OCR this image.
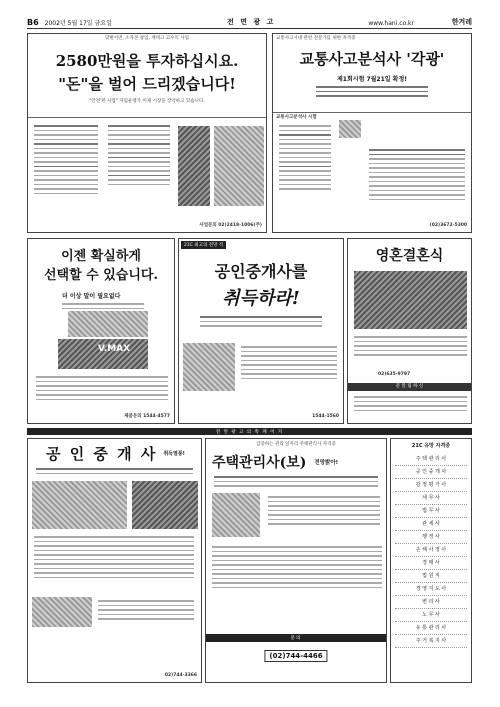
B6 2002년 5월 17일 금요일	전 면 광 고	www.hani.co.kr	한겨레
맞벌이면, 소자본 창업, 재테크 고수익 사업
2580만원을 투자하십시요.
"돈"을 벌어 드리겠습니다!
"안전'한 사업" 자립운영가 이제 시장을 장악하고 있습니다.
사업문의 02)2418-1006(주)
교통사고시대 관련 전문가를 위한 자격증
교통사고분석사 '각광'
제1회시험 7월21일 확정!
교통사고분석사 시험
(02)3672-5300
이젠 확실하게
선택할 수 있습니다.
더 이상 말이 필요없다
V.MAX
제품문의 1544-4577
21C 최고의 전망 직
공인중개사를
취득하라!
1544-1560
영혼결혼식
02)635-9797
문 알 림 하 신
전 면 광 고 의 쪽 페 이 지
공 인 중 개 사 취득열풍!
02)744-3366
급증하는 관리 일자리 주택관리사 자격증
주택관리사(보) 전망밝아!
문의
(02)744-4466
21C 유망 자격증
주 택 관 리 사
공 인 중 개 사
감 정 평 가 사
세 무 사
법 무 사
관 세 사
행 정 사
손 해 사 정 사
경 매 사
법 원 직
경 영 지 도 사
변 리 사
노 무 사
유 통 관 리 사
주 거 복 지 사
